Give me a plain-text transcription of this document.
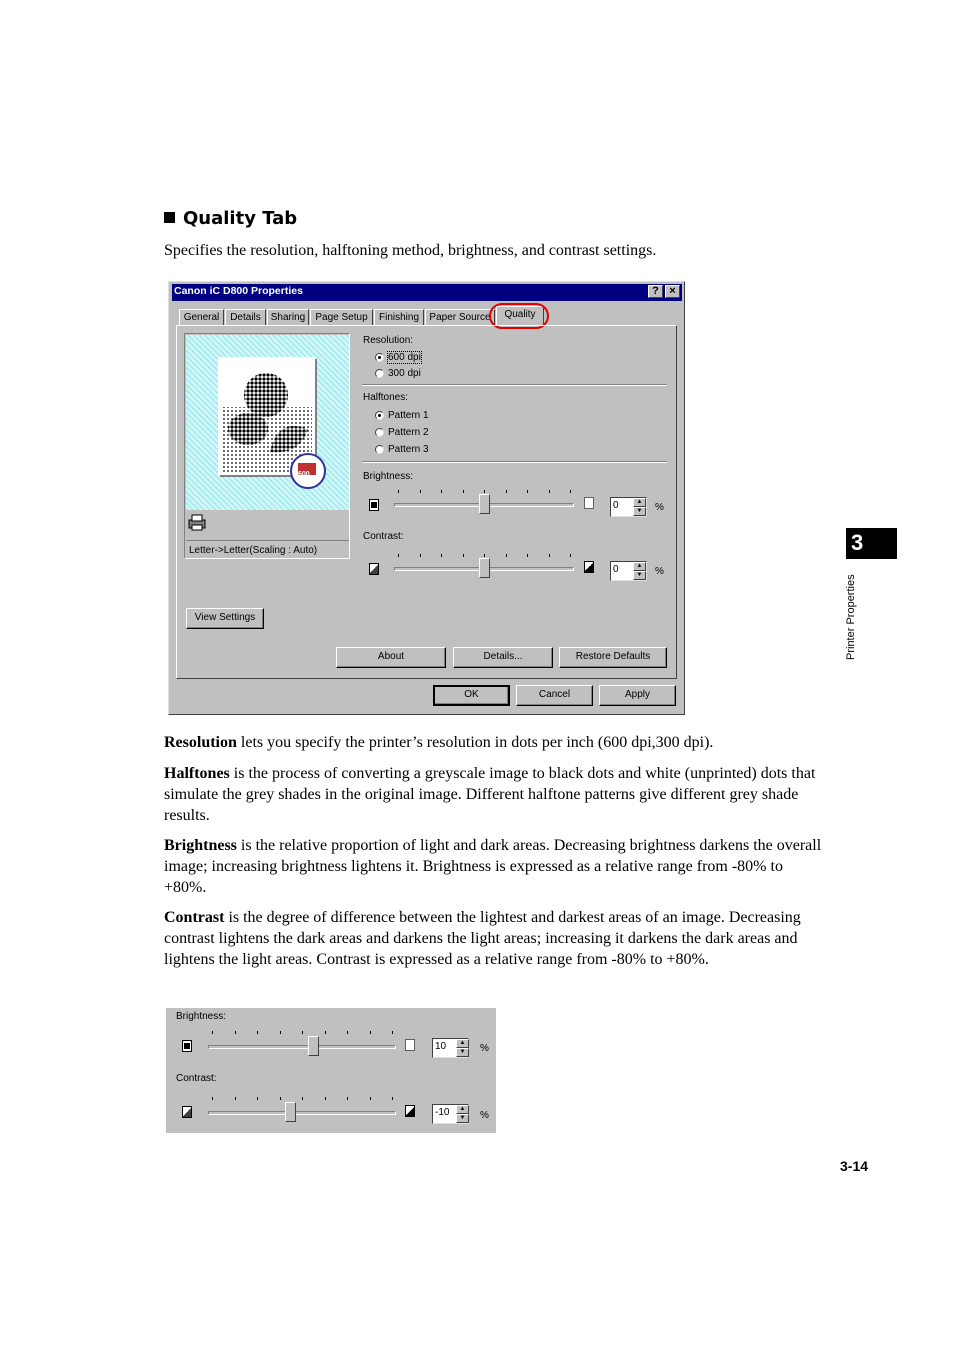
Quality Tab
Specifies the resolution, halftoning method, brightness, and contrast settings.
Canon iC D800 Properties	? ×
General	Details Sharing	Page Setup	Finishing	Paper Source	Quality
600
Letter->Letter(Scaling : Auto)
Resolution:
600 dpi
300 dpi
Halftones:
Pattern 1
Pattern 2
Pattern 3
Brightness:
0	▲
▼	%
Contrast:
0	▲
▼	%
View Settings
About	Details...	Restore Defaults
OK	Cancel	Apply
Resolution lets you specify the printer’s resolution in dots per inch (600 dpi,300 dpi).
Halftones is the process of converting a greyscale image to black dots and white (unprinted) dots that simulate the grey shades in the original image. Different halftone patterns give different grey shade results.
Brightness is the relative proportion of light and dark areas. Decreasing brightness darkens the overall image; increasing brightness lightens it. Brightness is expressed as a relative range from -80% to +80%.
Contrast is the degree of difference between the lightest and darkest areas of an image. Decreasing contrast lightens the dark areas and darkens the light areas; increasing it darkens the dark areas and lightens the light areas. Contrast is expressed as a relative range from -80% to +80%.
Brightness:
10	▲
▼	%
Contrast:
-10	▲
▼	%
3
Printer Properties
3-14
